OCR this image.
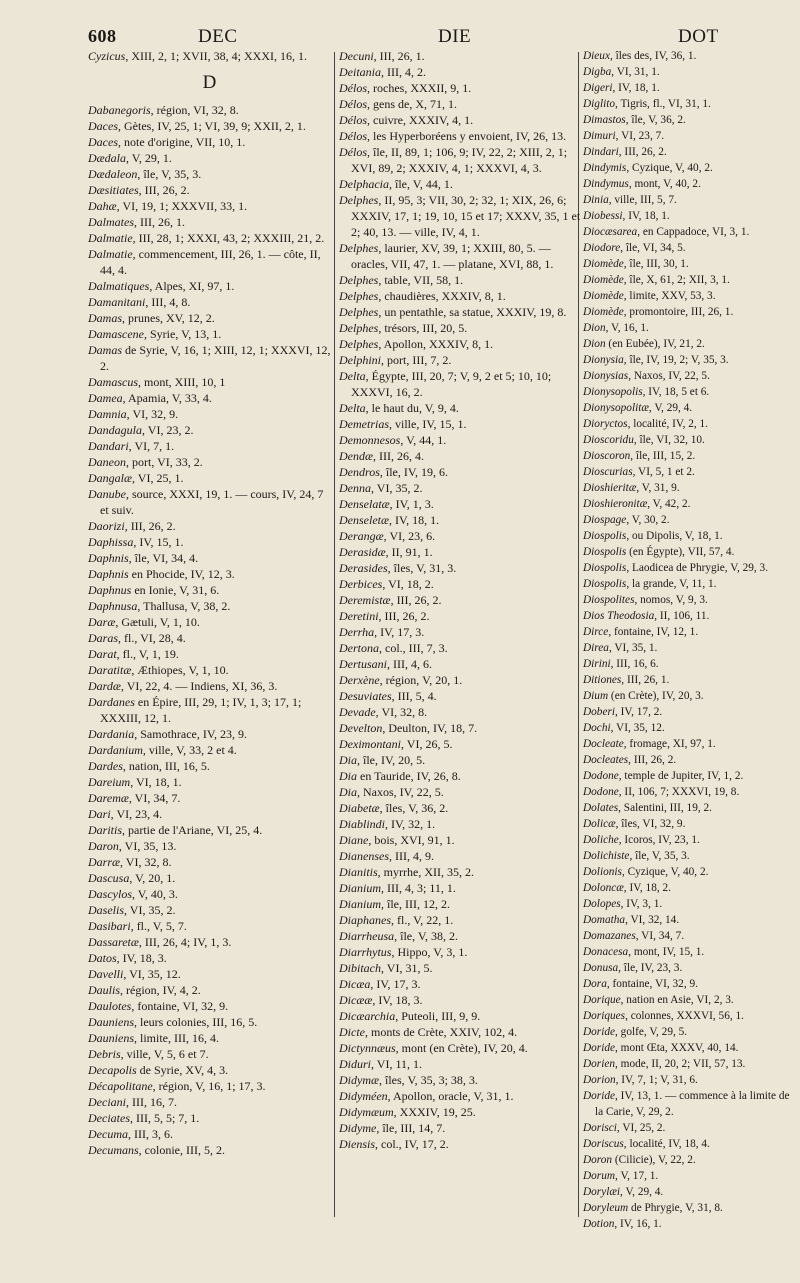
608	DEC	DIE	DOT

Cyzicus, XIII, 2, 1; XVII, 38, 4; XXXI, 16, 1.

D

Dabanegoris, région, VI, 32, 8.

Daces, Gètes, IV, 25, 1; VI, 39, 9; XXII, 2, 1.

Daces, note d'origine, VII, 10, 1.

Dædala, V, 29, 1.

Dædaleon, île, V, 35, 3.

Dæsitiates, III, 26, 2.

Dahæ, VI, 19, 1; XXXVII, 33, 1.

Dalmates, III, 26, 1.

Dalmatie, III, 28, 1; XXXI, 43, 2; XXXIII, 21, 2.

Dalmatie, commencement, III, 26, 1. — côte, II, 44, 4.

Dalmatiques, Alpes, XI, 97, 1.

Damanitani, III, 4, 8.

Damas, prunes, XV, 12, 2.

Damascene, Syrie, V, 13, 1.

Damas de Syrie, V, 16, 1; XIII, 12, 1; XXXVI, 12, 2.

Damascus, mont, XIII, 10, 1

Damea, Apamia, V, 33, 4.

Damnia, VI, 32, 9.

Dandagula, VI, 23, 2.

Dandari, VI, 7, 1.

Daneon, port, VI, 33, 2.

Dangalæ, VI, 25, 1.

Danube, source, XXXI, 19, 1. — cours, IV, 24, 7 et suiv.

Daorizi, III, 26, 2.

Daphissa, IV, 15, 1.

Daphnis, île, VI, 34, 4.

Daphnis en Phocide, IV, 12, 3.

Daphnus en Ionie, V, 31, 6.

Daphnusa, Thallusa, V, 38, 2.

Daræ, Gætuli, V, 1, 10.

Daras, fl., VI, 28, 4.

Darat, fl., V, 1, 19.

Daratitæ, Æthiopes, V, 1, 10.

Dardæ, VI, 22, 4. — Indiens, XI, 36, 3.

Dardanes en Épire, III, 29, 1; IV, 1, 3; 17, 1; XXXIII, 12, 1.

Dardania, Samothrace, IV, 23, 9.

Dardanium, ville, V, 33, 2 et 4.

Dardes, nation, III, 16, 5.

Dareium, VI, 18, 1.

Daremæ, VI, 34, 7.

Dari, VI, 23, 4.

Daritis, partie de l'Ariane, VI, 25, 4.

Daron, VI, 35, 13.

Darræ, VI, 32, 8.

Dascusa, V, 20, 1.

Dascylos, V, 40, 3.

Daselis, VI, 35, 2.

Dasibari, fl., V, 5, 7.

Dassaretæ, III, 26, 4; IV, 1, 3.

Datos, IV, 18, 3.

Davelli, VI, 35, 12.

Daulis, région, IV, 4, 2.

Daulotes, fontaine, VI, 32, 9.

Dauniens, leurs colonies, III, 16, 5.

Dauniens, limite, III, 16, 4.

Debris, ville, V, 5, 6 et 7.

Decapolis de Syrie, XV, 4, 3.

Décapolitane, région, V, 16, 1; 17, 3.

Deciani, III, 16, 7.

Deciates, III, 5, 5; 7, 1.

Decuma, III, 3, 6.

Decumans, colonie, III, 5, 2.

Decuni, III, 26, 1.

Deitania, III, 4, 2.

Délos, roches, XXXII, 9, 1.

Délos, gens de, X, 71, 1.

Délos, cuivre, XXXIV, 4, 1.

Délos, les Hyperboréens y envoient, IV, 26, 13.

Délos, île, II, 89, 1; 106, 9; IV, 22, 2; XIII, 2, 1; XVI, 89, 2; XXXIV, 4, 1; XXXVI, 4, 3.

Delphacia, île, V, 44, 1.

Delphes, II, 95, 3; VII, 30, 2; 32, 1; XIX, 26, 6; XXXIV, 17, 1; 19, 10, 15 et 17; XXXV, 35, 1 et 2; 40, 13. — ville, IV, 4, 1.

Delphes, laurier, XV, 39, 1; XXIII, 80, 5. — oracles, VII, 47, 1. — platane, XVI, 88, 1.

Delphes, table, VII, 58, 1.

Delphes, chaudières, XXXIV, 8, 1.

Delphes, un pentathle, sa statue, XXXIV, 19, 8.

Delphes, trésors, III, 20, 5.

Delphes, Apollon, XXXIV, 8, 1.

Delphini, port, III, 7, 2.

Delta, Égypte, III, 20, 7; V, 9, 2 et 5; 10, 10; XXXVI, 16, 2.

Delta, le haut du, V, 9, 4.

Demetrias, ville, IV, 15, 1.

Demonnesos, V, 44, 1.

Dendæ, III, 26, 4.

Dendros, île, IV, 19, 6.

Denna, VI, 35, 2.

Denselatæ, IV, 1, 3.

Denseletæ, IV, 18, 1.

Derangæ, VI, 23, 6.

Derasidæ, II, 91, 1.

Derasides, îles, V, 31, 3.

Derbices, VI, 18, 2.

Deremistæ, III, 26, 2.

Deretini, III, 26, 2.

Derrha, IV, 17, 3.

Dertona, col., III, 7, 3.

Dertusani, III, 4, 6.

Derxène, région, V, 20, 1.

Desuviates, III, 5, 4.

Devade, VI, 32, 8.

Develton, Deulton, IV, 18, 7.

Deximontani, VI, 26, 5.

Dia, île, IV, 20, 5.

Dia en Tauride, IV, 26, 8.

Dia, Naxos, IV, 22, 5.

Diabetæ, îles, V, 36, 2.

Diablindi, IV, 32, 1.

Diane, bois, XVI, 91, 1.

Dianenses, III, 4, 9.

Dianitis, myrrhe, XII, 35, 2.

Dianium, III, 4, 3; 11, 1.

Dianium, île, III, 12, 2.

Diaphanes, fl., V, 22, 1.

Diarrheusa, île, V, 38, 2.

Diarrhytus, Hippo, V, 3, 1.

Dibitach, VI, 31, 5.

Dicæa, IV, 17, 3.

Dicææ, IV, 18, 3.

Dicæarchia, Puteoli, III, 9, 9.

Dicte, monts de Crète, XXIV, 102, 4.

Dictynnæus, mont (en Crète), IV, 20, 4.

Diduri, VI, 11, 1.

Didymæ, îles, V, 35, 3; 38, 3.

Didyméen, Apollon, oracle, V, 31, 1.

Didymæum, XXXIV, 19, 25.

Didyme, île, III, 14, 7.

Diensis, col., IV, 17, 2.

Dieux, îles des, IV, 36, 1.

Digba, VI, 31, 1.

Digeri, IV, 18, 1.

Diglito, Tigris, fl., VI, 31, 1.

Dimastos, île, V, 36, 2.

Dimuri, VI, 23, 7.

Dindari, III, 26, 2.

Dindymis, Cyzique, V, 40, 2.

Dindymus, mont, V, 40, 2.

Dinia, ville, III, 5, 7.

Diobessi, IV, 18, 1.

Diocæsarea, en Cappadoce, VI, 3, 1.

Diodore, île, VI, 34, 5.

Diomède, île, III, 30, 1.

Diomède, île, X, 61, 2; XII, 3, 1.

Diomède, limite, XXV, 53, 3.

Diomède, promontoire, III, 26, 1.

Dion, V, 16, 1.

Dion (en Eubée), IV, 21, 2.

Dionysia, île, IV, 19, 2; V, 35, 3.

Dionysias, Naxos, IV, 22, 5.

Dionysopolis, IV, 18, 5 et 6.

Dionysopolitæ, V, 29, 4.

Dioryctos, localité, IV, 2, 1.

Dioscoridu, île, VI, 32, 10.

Dioscoron, île, III, 15, 2.

Dioscurias, VI, 5, 1 et 2.

Dioshieritæ, V, 31, 9.

Dioshieronitæ, V, 42, 2.

Diospage, V, 30, 2.

Diospolis, ou Dipolis, V, 18, 1.

Diospolis (en Égypte), VII, 57, 4.

Diospolis, Laodicea de Phrygie, V, 29, 3.

Diospolis, la grande, V, 11, 1.

Diospolites, nomos, V, 9, 3.

Dios Theodosia, II, 106, 11.

Dirce, fontaine, IV, 12, 1.

Direa, VI, 35, 1.

Dirini, III, 16, 6.

Ditiones, III, 26, 1.

Dium (en Crète), IV, 20, 3.

Doberi, IV, 17, 2.

Dochi, VI, 35, 12.

Docleate, fromage, XI, 97, 1.

Docleates, III, 26, 2.

Dodone, temple de Jupiter, IV, 1, 2.

Dodone, II, 106, 7; XXXVI, 19, 8.

Dolates, Salentini, III, 19, 2.

Dolicæ, îles, VI, 32, 9.

Doliche, Icoros, IV, 23, 1.

Dolichiste, île, V, 35, 3.

Dolionis, Cyzique, V, 40, 2.

Doloncæ, IV, 18, 2.

Dolopes, IV, 3, 1.

Domatha, VI, 32, 14.

Domazanes, VI, 34, 7.

Donacesa, mont, IV, 15, 1.

Donusa, île, IV, 23, 3.

Dora, fontaine, VI, 32, 9.

Dorique, nation en Asie, VI, 2, 3.

Doriques, colonnes, XXXVI, 56, 1.

Doride, golfe, V, 29, 5.

Doride, mont Œta, XXXV, 40, 14.

Dorien, mode, II, 20, 2; VII, 57, 13.

Dorion, IV, 7, 1; V, 31, 6.

Doride, IV, 13, 1. — commence à la limite de la Carie, V, 29, 2.

Dorisci, VI, 25, 2.

Doriscus, localité, IV, 18, 4.

Doron (Cilicie), V, 22, 2.

Dorum, V, 17, 1.

Dorylæi, V, 29, 4.

Doryleum de Phrygie, V, 31, 8.

Dotion, IV, 16, 1.
